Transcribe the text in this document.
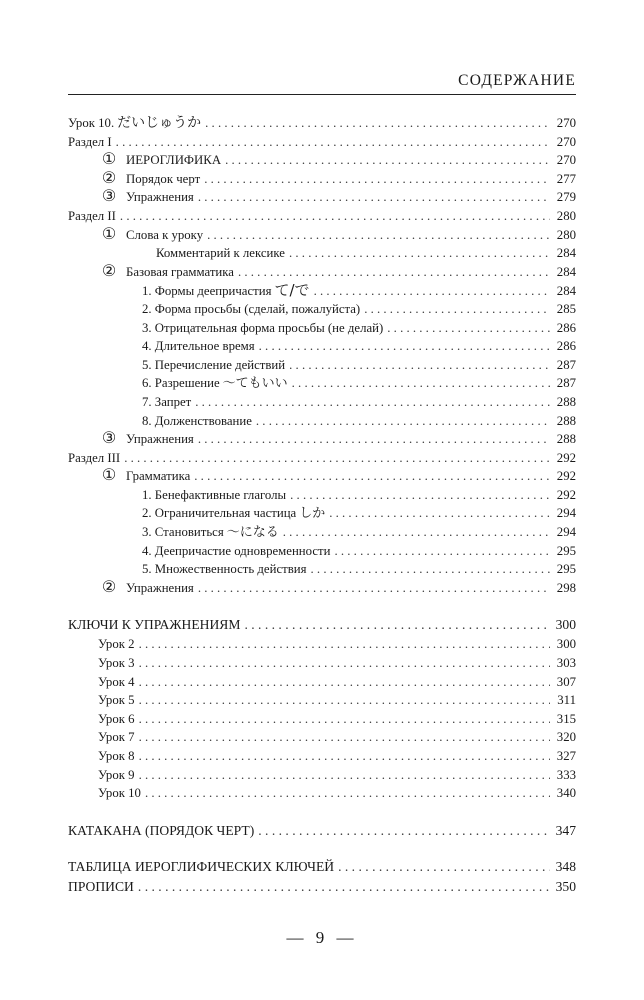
СОДЕРЖАНИЕ
Урок 10. だいじゅうか . . .	270
Раздел I . . .	270
① ИЕРОГЛИФИКА . . .	270
② Порядок черт . . .	277
③ Упражнения . . .	279
Раздел II . . .	280
① Слова к уроку . . .	280
Комментарий к лексике . . .	284
② Базовая грамматика . . .	284
1. Формы деепричастия て/で . . .	284
2. Форма просьбы (сделай, пожалуйста) . . .	285
3. Отрицательная форма просьбы (не делай) . . .	286
4. Длительное время . . .	286
5. Перечисление действий . . .	287
6. Разрешение ～てもいい . . .	287
7. Запрет . . .	288
8. Долженствование . . .	288
③ Упражнения . . .	288
Раздел III . . .	292
① Грамматика . . .	292
1. Бенефактивные глаголы . . .	292
2. Ограничительная частица しか . . .	294
3. Становиться ～になる . . .	294
4. Деепричастие одновременности . . .	295
5. Множественность действия . . .	295
② Упражнения . . .	298
КЛЮЧИ К УПРАЖНЕНИЯМ . . .	300
Урок 2 . . .	300
Урок 3 . . .	303
Урок 4 . . .	307
Урок 5 . . .	311
Урок 6 . . .	315
Урок 7 . . .	320
Урок 8 . . .	327
Урок 9 . . .	333
Урок 10 . . .	340
КАТАКАНА (ПОРЯДОК ЧЕРТ) . . .	347
ТАБЛИЦА ИЕРОГЛИФИЧЕСКИХ КЛЮЧЕЙ . . .	348
ПРОПИСИ . . .	350
— 9 —
